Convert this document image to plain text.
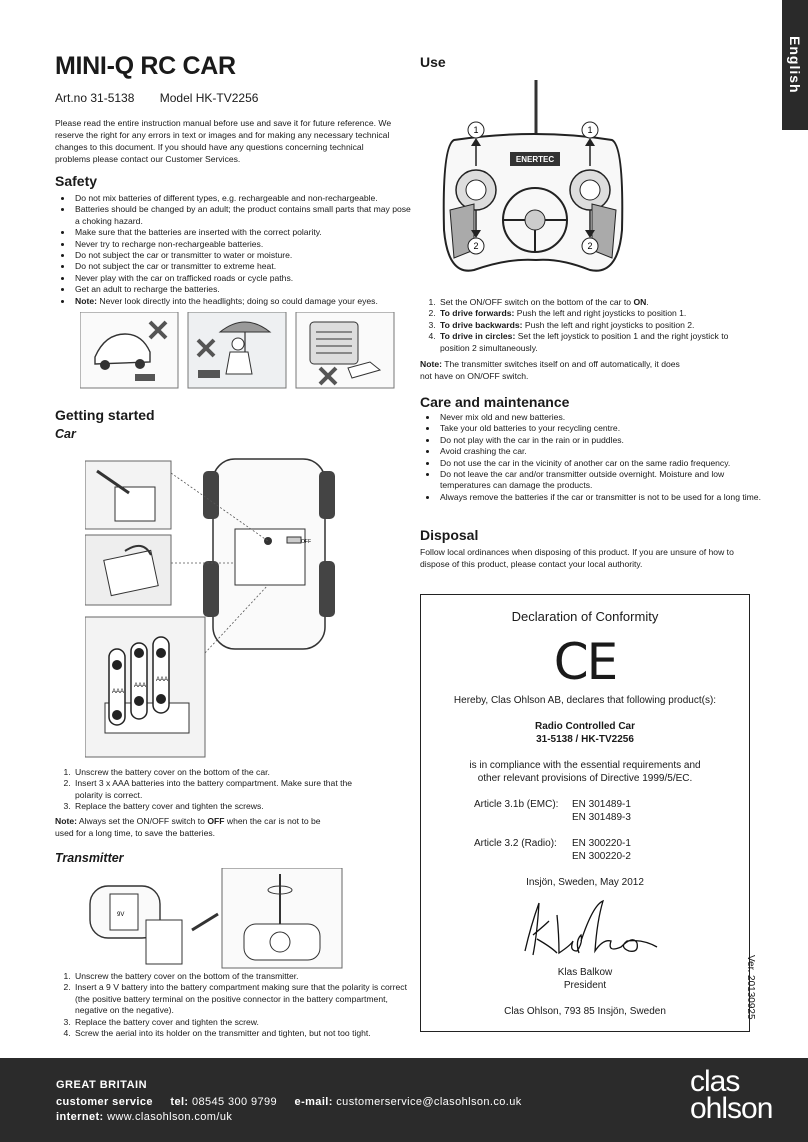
English
MINI-Q RC CAR
Art.no 31-5138 Model HK-TV2256

Please read the entire instruction manual before use and save it for future reference. We reserve the right for any errors in text or images and for making any necessary technical changes to this document. If you should have any questions concerning technical problems please contact our Customer Services.

Safety
• Do not mix batteries of different types, e.g. rechargeable and non-rechargeable.
• Batteries should be changed by an adult; the product contains small parts that may pose a choking hazard.
• Make sure that the batteries are inserted with the correct polarity.
• Never try to recharge non-rechargeable batteries.
• Do not subject the car or transmitter to water or moisture.
• Do not subject the car or transmitter to extreme heat.
• Never play with the car on trafficked roads or cycle paths.
• Get an adult to recharge the batteries.
• Note: Never look directly into the headlights; doing so could damage your eyes.
Getting started
Car
AAA
AAA
AAA
OFF
1. Unscrew the battery cover on the bottom of the car.
2. Insert 3 x AAA batteries into the battery compartment. Make sure that the polarity is correct.
3. Replace the battery cover and tighten the screws.

Note: Always set the ON/OFF switch to OFF when the car is not to be used for a long time, to save the batteries.

Transmitter
9V
1. Unscrew the battery cover on the bottom of the transmitter.
2. Insert a 9 V battery into the battery compartment making sure that the polarity is correct (the positive battery terminal on the positive connector in the battery compartment, negative on the negative).
3. Replace the battery cover and tighten the screw.
4. Screw the aerial into its holder on the transmitter and tighten, but not too tight.
Use
ENERTEC
1	1
2	2
1. Set the ON/OFF switch on the bottom of the car to ON.
2. To drive forwards: Push the left and right joysticks to position 1.
3. To drive backwards: Push the left and right joysticks to position 2.
4. To drive in circles: Set the left joystick to position 1 and the right joystick to position 2 simultaneously.

Note: The transmitter switches itself on and off automatically, it does not have on ON/OFF switch.

Care and maintenance
• Never mix old and new batteries.
• Take your old batteries to your recycling centre.
• Do not play with the car in the rain or in puddles.
• Avoid crashing the car.
• Do not use the car in the vicinity of another car on the same radio frequency.
• Do not leave the car and/or transmitter outside overnight. Moisture and low temperatures can damage the products.
• Always remove the batteries if the car or transmitter is not to be used for a long time.
Disposal

Follow local ordinances when disposing of this product. If you are unsure of how to dispose of this product, please contact your local authority.

Declaration of Conformity
CE
Hereby, Clas Ohlson AB, declares that following product(s):
Radio Controlled Car
31-5138 / HK-TV2256
is in compliance with the essential requirements and
other relevant provisions of Directive 1999/5/EC.
Article 3.1b (EMC): EN 301489-1
EN 301489-3
Article 3.2 (Radio): EN 300220-1
EN 300220-2
Insjön, Sweden, May 2012
Klas Balkow
President
Clas Ohlson, 793 85 Insjön, Sweden	Ver. 20130925
GREAT BRITAIN
customer service tel: 08545 300 9799 e-mail: customerservice@clasohlson.co.uk
internet: www.clasohlson.com/uk
clas
ohlson
